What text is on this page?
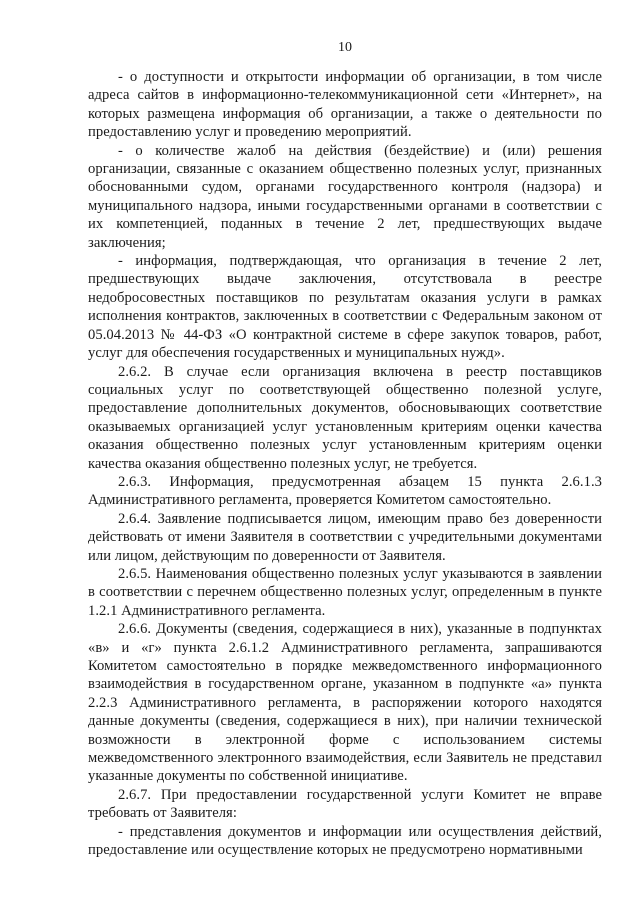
10

- о доступности и открытости информации об организации, в том числе адреса сайтов в информационно-телекоммуникационной сети «Интернет», на которых размещена информация об организации, а также о деятельности по предоставлению услуг и проведению мероприятий.

- о количестве жалоб на действия (бездействие) и (или) решения организации, связанные с оказанием общественно полезных услуг, признанных обоснованными судом, органами государственного контроля (надзора) и муниципального надзора, иными государственными органами в соответствии с их компетенцией, поданных в течение 2 лет, предшествующих выдаче заключения;

- информация, подтверждающая, что организация в течение 2 лет, предшествующих выдаче заключения, отсутствовала в реестре недобросовестных поставщиков по результатам оказания услуги в рамках исполнения контрактов, заключенных в соответствии с Федеральным законом от 05.04.2013 № 44-ФЗ «О контрактной системе в сфере закупок товаров, работ, услуг для обеспечения государственных и муниципальных нужд».

2.6.2. В случае если организация включена в реестр поставщиков социальных услуг по соответствующей общественно полезной услуге, предоставление дополнительных документов, обосновывающих соответствие оказываемых организацией услуг установленным критериям оценки качества оказания общественно полезных услуг установленным критериям оценки качества оказания общественно полезных услуг, не требуется.

2.6.3. Информация, предусмотренная абзацем 15 пункта 2.6.1.3 Административного регламента, проверяется Комитетом самостоятельно.

2.6.4. Заявление подписывается лицом, имеющим право без доверенности действовать от имени Заявителя в соответствии с учредительными документами или лицом, действующим по доверенности от Заявителя.

2.6.5. Наименования общественно полезных услуг указываются в заявлении в соответствии с перечнем общественно полезных услуг, определенным в пункте 1.2.1 Административного регламента.

2.6.6. Документы (сведения, содержащиеся в них), указанные в подпунктах «в» и «г» пункта 2.6.1.2 Административного регламента, запрашиваются Комитетом самостоятельно в порядке межведомственного информационного взаимодействия в государственном органе, указанном в подпункте «а» пункта 2.2.3 Административного регламента, в распоряжении которого находятся данные документы (сведения, содержащиеся в них), при наличии технической возможности в электронной форме с использованием системы межведомственного электронного взаимодействия, если Заявитель не представил указанные документы по собственной инициативе.

2.6.7. При предоставлении государственной услуги Комитет не вправе требовать от Заявителя:

- представления документов и информации или осуществления действий, предоставление или осуществление которых не предусмотрено нормативными
